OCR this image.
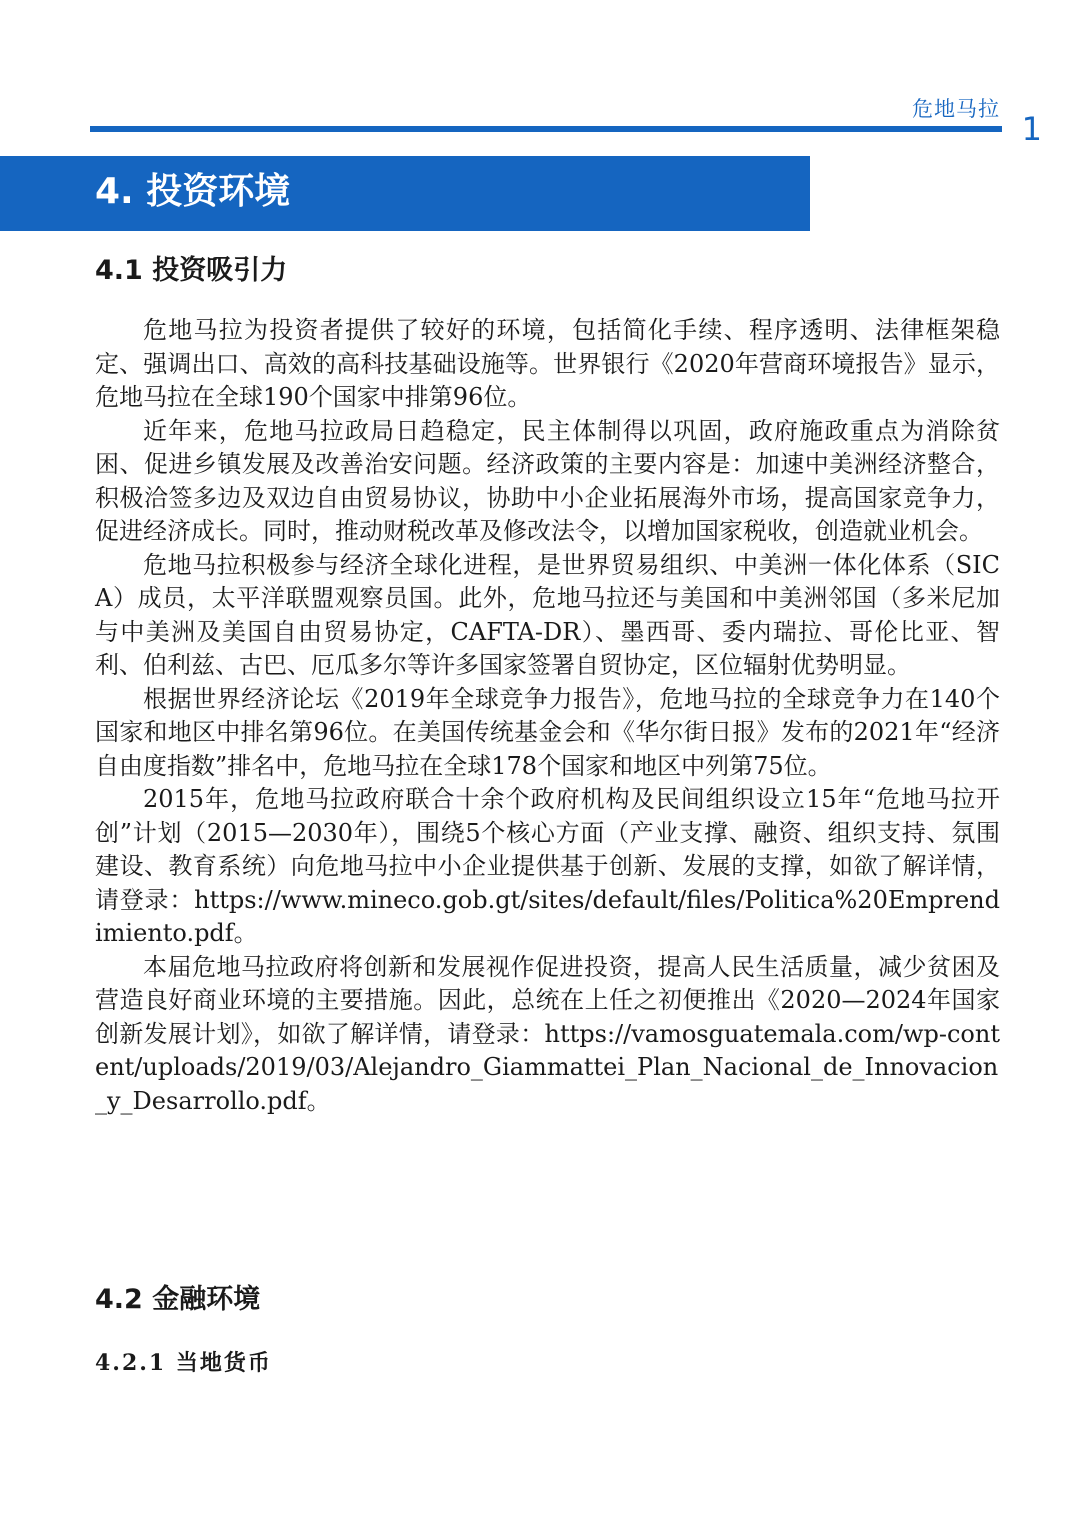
危地马拉
1
4. 投资环境
4.1 投资吸引力

危地马拉为投资者提供了较好的环境，包括简化手续、程序透明、法律框架稳定、强调出口、高效的高科技基础设施等。世界银行《2020年营商环境报告》显示，危地马拉在全球190个国家中排第96位。

近年来，危地马拉政局日趋稳定，民主体制得以巩固，政府施政重点为消除贫困、促进乡镇发展及改善治安问题。经济政策的主要内容是：加速中美洲经济整合，积极洽签多边及双边自由贸易协议，协助中小企业拓展海外市场，提高国家竞争力，促进经济成长。同时，推动财税改革及修改法令，以增加国家税收，创造就业机会。

危地马拉积极参与经济全球化进程，是世界贸易组织、中美洲一体化体系（SICA）成员，太平洋联盟观察员国。此外，危地马拉还与美国和中美洲邻国（多米尼加与中美洲及美国自由贸易协定，CAFTA-DR）、墨西哥、委内瑞拉、哥伦比亚、智利、伯利兹、古巴、厄瓜多尔等许多国家签署自贸协定，区位辐射优势明显。

根据世界经济论坛《2019年全球竞争力报告》，危地马拉的全球竞争力在140个国家和地区中排名第96位。在美国传统基金会和《华尔街日报》发布的2021年“经济自由度指数”排名中，危地马拉在全球178个国家和地区中列第75位。

2015年，危地马拉政府联合十余个政府机构及民间组织设立15年“危地马拉开创”计划（2015—2030年），围绕5个核心方面（产业支撑、融资、组织支持、氛围建设、教育系统）向危地马拉中小企业提供基于创新、发展的支撑，如欲了解详情，请登录：https://www.mineco.gob.gt/sites/default/files/Politica%20Emprendimiento.pdf。

本届危地马拉政府将创新和发展视作促进投资，提高人民生活质量，减少贫困及营造良好商业环境的主要措施。因此，总统在上任之初便推出《2020—2024年国家创新发展计划》，如欲了解详情，请登录：https://vamosguatemala.com/wp-content/uploads/2019/03/Alejandro_Giammattei_Plan_Nacional_de_Innovacion_y_Desarrollo.pdf。

4.2 金融环境
4.2.1 当地货币
